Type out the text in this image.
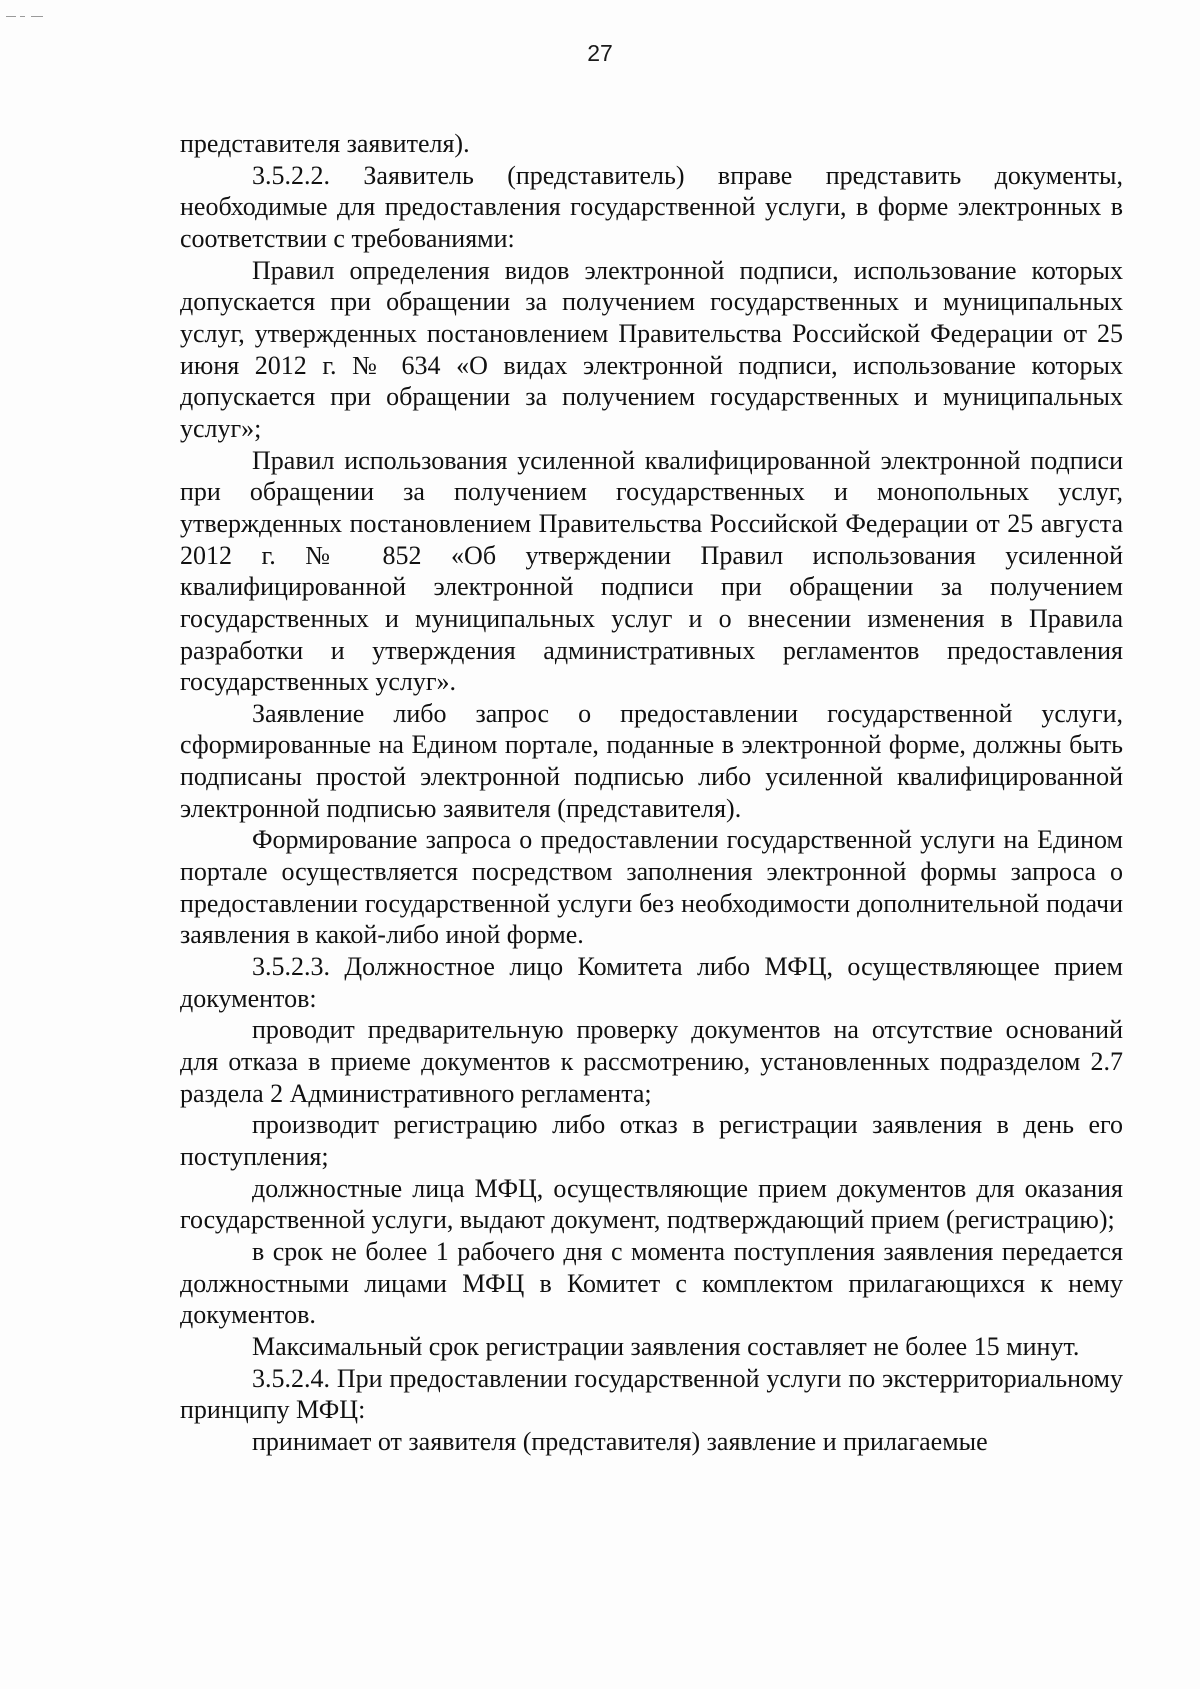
27

представителя заявителя).

3.5.2.2. Заявитель (представитель) вправе представить документы, необходимые для предоставления государственной услуги, в форме электронных в соответствии с требованиями:

Правил определения видов электронной подписи, использование которых допускается при обращении за получением государственных и муниципальных услуг, утвержденных постановлением Правительства Российской Федерации от 25 июня 2012 г. № 634 «О видах электронной подписи, использование которых допускается при обращении за получением государственных и муниципальных услуг»;

Правил использования усиленной квалифицированной электронной подписи при обращении за получением государственных и монопольных услуг, утвержденных постановлением Правительства Российской Федерации от 25 августа 2012 г. № 852 «Об утверждении Правил использования усиленной квалифицированной электронной подписи при обращении за получением государственных и муниципальных услуг и о внесении изменения в Правила разработки и утверждения административных регламентов предоставления государственных услуг».

Заявление либо запрос о предоставлении государственной услуги, сформированные на Едином портале, поданные в электронной форме, должны быть подписаны простой электронной подписью либо усиленной квалифицированной электронной подписью заявителя (представителя).

Формирование запроса о предоставлении государственной услуги на Едином портале осуществляется посредством заполнения электронной формы запроса о предоставлении государственной услуги без необходимости дополнительной подачи заявления в какой-либо иной форме.

3.5.2.3. Должностное лицо Комитета либо МФЦ, осуществляющее прием документов:

проводит предварительную проверку документов на отсутствие оснований для отказа в приеме документов к рассмотрению, установленных подразделом 2.7 раздела 2 Административного регламента;

производит регистрацию либо отказ в регистрации заявления в день его поступления;

должностные лица МФЦ, осуществляющие прием документов для оказания государственной услуги, выдают документ, подтверждающий прием (регистрацию);

в срок не более 1 рабочего дня с момента поступления заявления передается должностными лицами МФЦ в Комитет с комплектом прилагающихся к нему документов.

Максимальный срок регистрации заявления составляет не более 15 минут.

3.5.2.4. При предоставлении государственной услуги по экстерриториальному принципу МФЦ:

принимает от заявителя (представителя) заявление и прилагаемые
